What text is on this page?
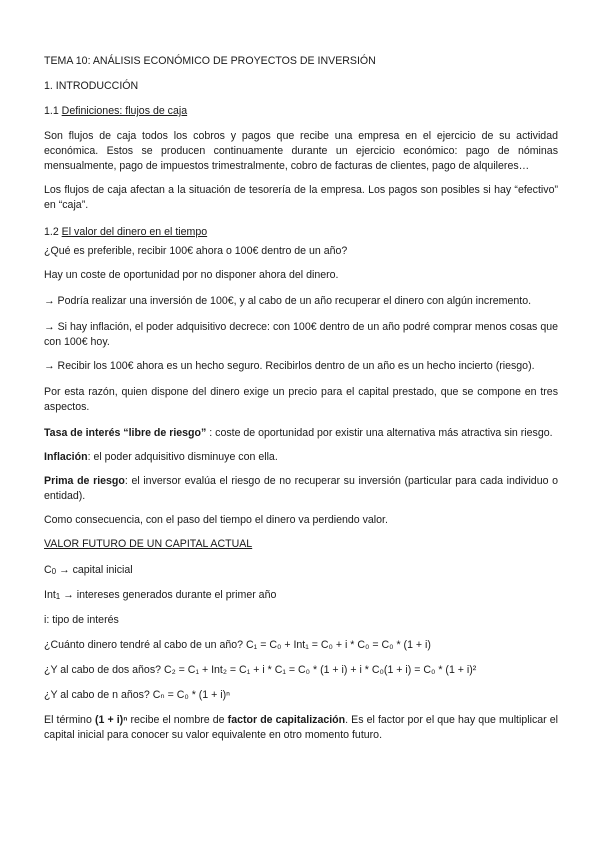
TEMA 10: ANÁLISIS ECONÓMICO DE PROYECTOS DE INVERSIÓN

1. INTRODUCCIÓN

1.1 Definiciones: flujos de caja

Son flujos de caja todos los cobros y pagos que recibe una empresa en el ejercicio de su actividad económica. Estos se producen continuamente durante un ejercicio económico: pago de nóminas mensualmente, pago de impuestos trimestralmente, cobro de facturas de clientes, pago de alquileres…

Los flujos de caja afectan a la situación de tesorería de la empresa. Los pagos son posibles si hay “efectivo” en “caja”.

1.2 El valor del dinero en el tiempo

¿Qué es preferible, recibir 100€ ahora o 100€ dentro de un año?

Hay un coste de oportunidad por no disponer ahora del dinero.

→ Podría realizar una inversión de 100€, y al cabo de un año recuperar el dinero con algún incremento.

→ Si hay inflación, el poder adquisitivo decrece: con 100€ dentro de un año podré comprar menos cosas que con 100€ hoy.

→ Recibir los 100€ ahora es un hecho seguro. Recibirlos dentro de un año es un hecho incierto (riesgo).

Por esta razón, quien dispone del dinero exige un precio para el capital prestado, que se compone en tres aspectos.

Tasa de interés “libre de riesgo” : coste de oportunidad por existir una alternativa más atractiva sin riesgo.

Inflación: el poder adquisitivo disminuye con ella.

Prima de riesgo: el inversor evalúa el riesgo de no recuperar su inversión (particular para cada individuo o entidad).

Como consecuencia, con el paso del tiempo el dinero va perdiendo valor.

VALOR FUTURO DE UN CAPITAL ACTUAL

$C_0$ → capital inicial

Int$_1$ → intereses generados durante el primer año

i: tipo de interés

¿Cuánto dinero tendré al cabo de un año? C₁ = C₀ + Int₁ = C₀ + i * C₀ = C₀ * (1 + i)

¿Y al cabo de dos años? C₂ = C₁ + Int₂ = C₁ + i * C₁ = C₀ * (1 + i) + i * C₀(1 + i) = C₀ * (1 + i)²

¿Y al cabo de n años? Cₙ = C₀ * (1 + i)ⁿ

El término (1 + i)ⁿ recibe el nombre de factor de capitalización. Es el factor por el que hay que multiplicar el capital inicial para conocer su valor equivalente en otro momento futuro.
